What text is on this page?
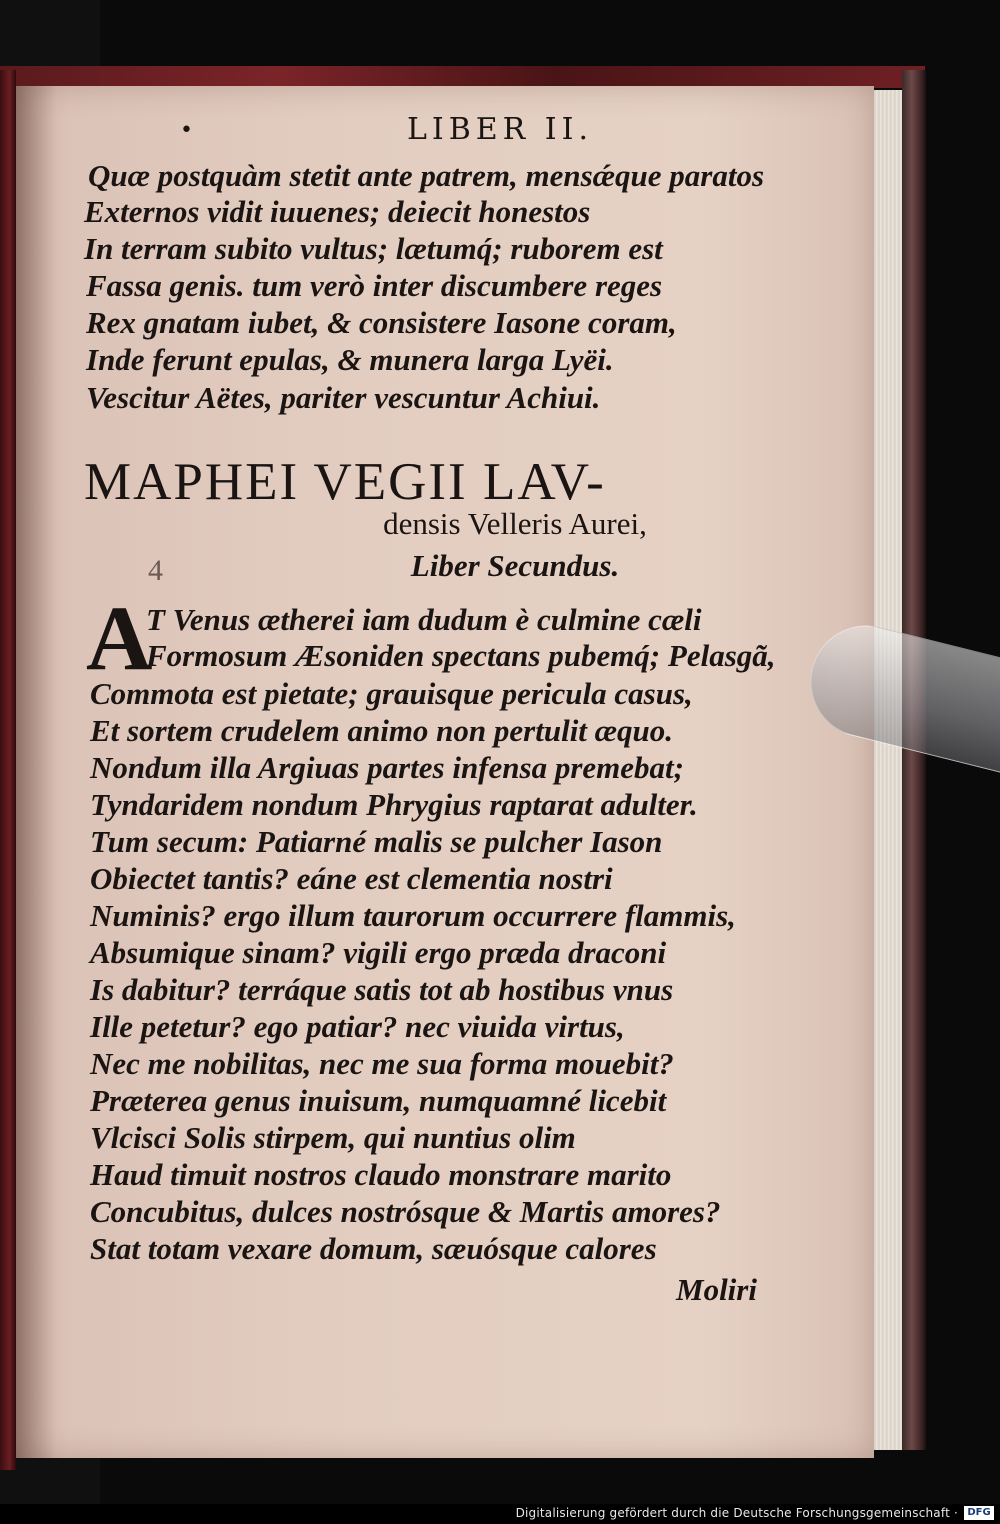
•	LIBER II.
Quæ postquàm stetit ante patrem, mensǽque paratos
Externos vidit iuuenes; deiecit honestos
In terram subito vultus; lætumq́; ruborem est
Fassa genis. tum verò inter discumbere reges
Rex gnatam iubet, & consistere Iasone coram,
Inde ferunt epulas, & munera larga Lyëi.
Vescitur Aëtes, pariter vescuntur Achiui.
MAPHEI VEGII LAV-
densis Velleris Aurei,
4	Liber Secundus.
A
T Venus ætherei iam dudum è culmine cæli
Formosum Æsoniden spectans pubemq́; Pelasgã,
Commota est pietate; grauisque pericula casus,
Et sortem crudelem animo non pertulit æquo.
Nondum illa Argiuas partes infensa premebat;
Tyndaridem nondum Phrygius raptarat adulter.
Tum secum: Patiarné malis se pulcher Iason
Obiectet tantis? eáne est clementia nostri
Numinis? ergo illum taurorum occurrere flammis,
Absumique sinam? vigili ergo præda draconi
Is dabitur? terráque satis tot ab hostibus vnus
Ille petetur? ego patiar? nec viuida virtus,
Nec me nobilitas, nec me sua forma mouebit?
Præterea genus inuisum, numquamné licebit
Vlcisci Solis stirpem, qui nuntius olim
Haud timuit nostros claudo monstrare marito
Concubitus, dulces nostrósque & Martis amores?
Stat totam vexare domum, sæuósque calores
Moliri
Digitalisierung gefördert durch die Deutsche Forschungsgemeinschaft · DFG
